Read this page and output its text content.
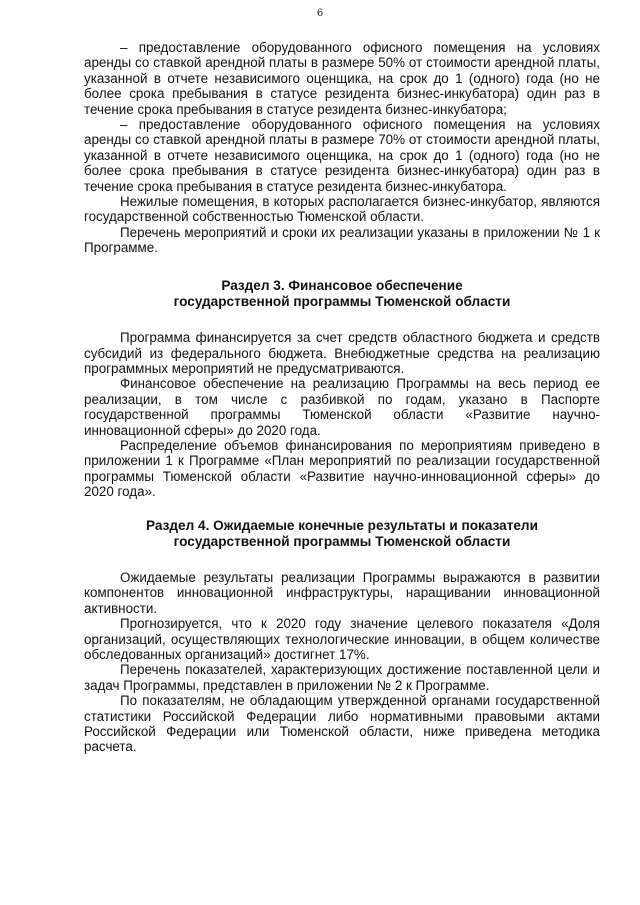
6

– предоставление оборудованного офисного помещения на условиях аренды со ставкой арендной платы в размере 50% от стоимости арендной платы, указанной в отчете независимого оценщика, на срок до 1 (одного) года (но не более срока пребывания в статусе резидента бизнес-инкубатора) один раз в течение срока пребывания в статусе резидента бизнес-инкубатора;

– предоставление оборудованного офисного помещения на условиях аренды со ставкой арендной платы в размере 70% от стоимости арендной платы, указанной в отчете независимого оценщика, на срок до 1 (одного) года (но не более срока пребывания в статусе резидента бизнес-инкубатора) один раз в течение срока пребывания в статусе резидента бизнес-инкубатора.

Нежилые помещения, в которых располагается бизнес-инкубатор, являются государственной собственностью Тюменской области.

Перечень мероприятий и сроки их реализации указаны в приложении № 1 к Программе.

Раздел 3. Финансовое обеспечение

государственной программы Тюменской области

Программа финансируется за счет средств областного бюджета и средств субсидий из федерального бюджета. Внебюджетные средства на реализацию программных мероприятий не предусматриваются.

Финансовое обеспечение на реализацию Программы на весь период ее реализации, в том числе с разбивкой по годам, указано в Паспорте государственной программы Тюменской области «Развитие научно-инновационной сферы» до 2020 года.

Распределение объемов финансирования по мероприятиям приведено в приложении 1 к Программе «План мероприятий по реализации государственной программы Тюменской области «Развитие научно-инновационной сферы» до 2020 года».

Раздел 4. Ожидаемые конечные результаты и показатели

государственной программы Тюменской области

Ожидаемые результаты реализации Программы выражаются в развитии компонентов инновационной инфраструктуры, наращивании инновационной активности.

Прогнозируется, что к 2020 году значение целевого показателя «Доля организаций, осуществляющих технологические инновации, в общем количестве обследованных организаций» достигнет 17%.

Перечень показателей, характеризующих достижение поставленной цели и задач Программы, представлен в приложении № 2 к Программе.

По показателям, не обладающим утвержденной органами государственной статистики Российской Федерации либо нормативными правовыми актами Российской Федерации или Тюменской области, ниже приведена методика расчета.
